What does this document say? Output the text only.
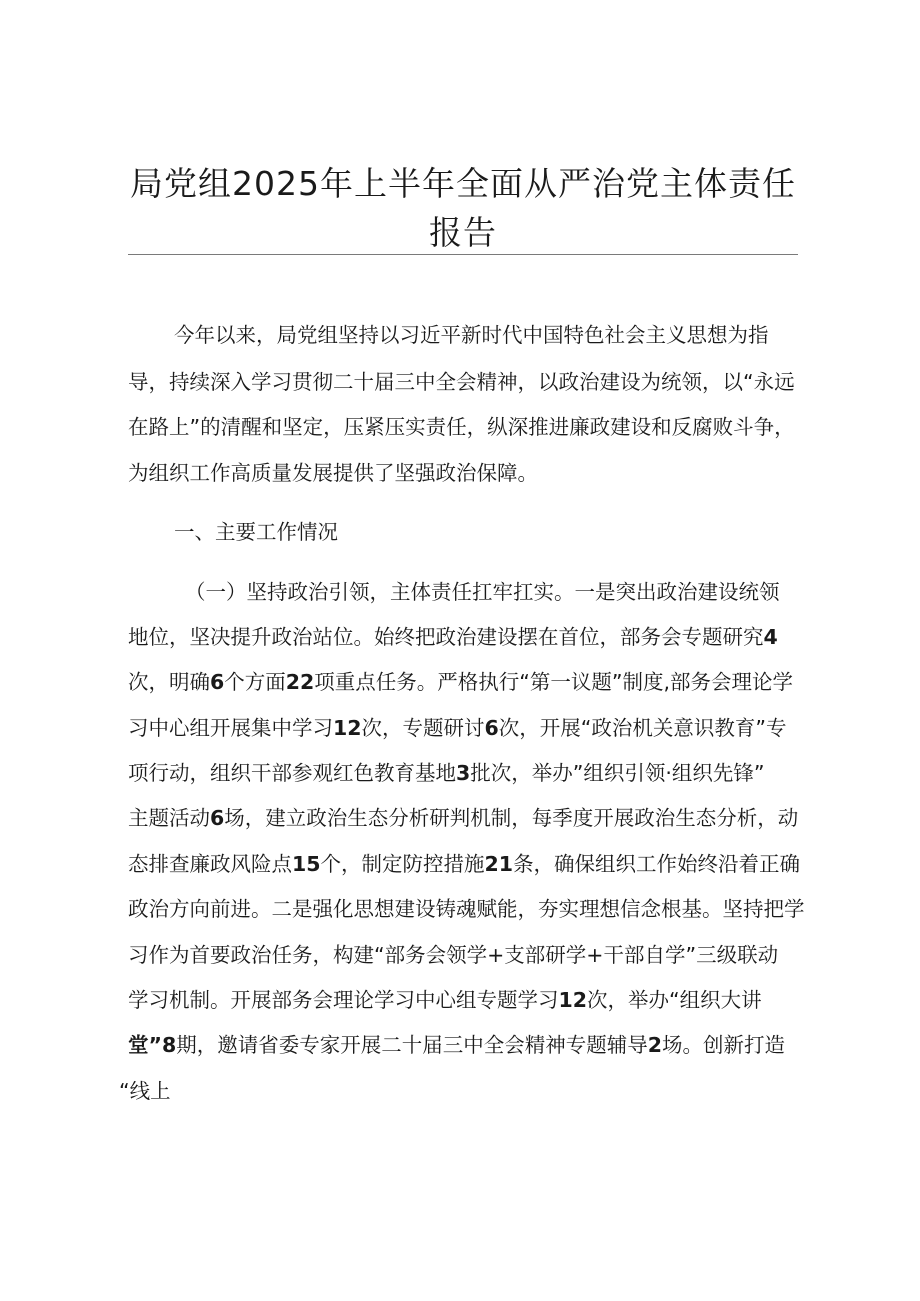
局党组2025年上半年全面从严治党主体责任
报告
今年以来，局党组坚持以习近平新时代中国特色社会主义思想为指
导，持续深入学习贯彻二十届三中全会精神，以政治建设为统领，以“永远
在路上”的清醒和坚定，压紧压实责任，纵深推进廉政建设和反腐败斗争，
为组织工作高质量发展提供了坚强政治保障。
一、主要工作情况
（一）坚持政治引领，主体责任扛牢扛实。一是突出政治建设统领
地位，坚决提升政治站位。始终把政治建设摆在首位，部务会专题研究4
次，明确6个方面22项重点任务。严格执行“第一议题”制度,部务会理论学
习中心组开展集中学习12次，专题研讨6次，开展“政治机关意识教育”专
项行动，组织干部参观红色教育基地3批次，举办”组织引领·组织先锋”
主题活动6场，建立政治生态分析研判机制，每季度开展政治生态分析，动
态排查廉政风险点15个，制定防控措施21条，确保组织工作始终沿着正确
政治方向前进。二是强化思想建设铸魂赋能，夯实理想信念根基。坚持把学
习作为首要政治任务，构建“部务会领学+支部研学+干部自学”三级联动
学习机制。开展部务会理论学习中心组专题学习12次，举办“组织大讲
堂”8期，邀请省委专家开展二十届三中全会精神专题辅导2场。创新打造
“线上
